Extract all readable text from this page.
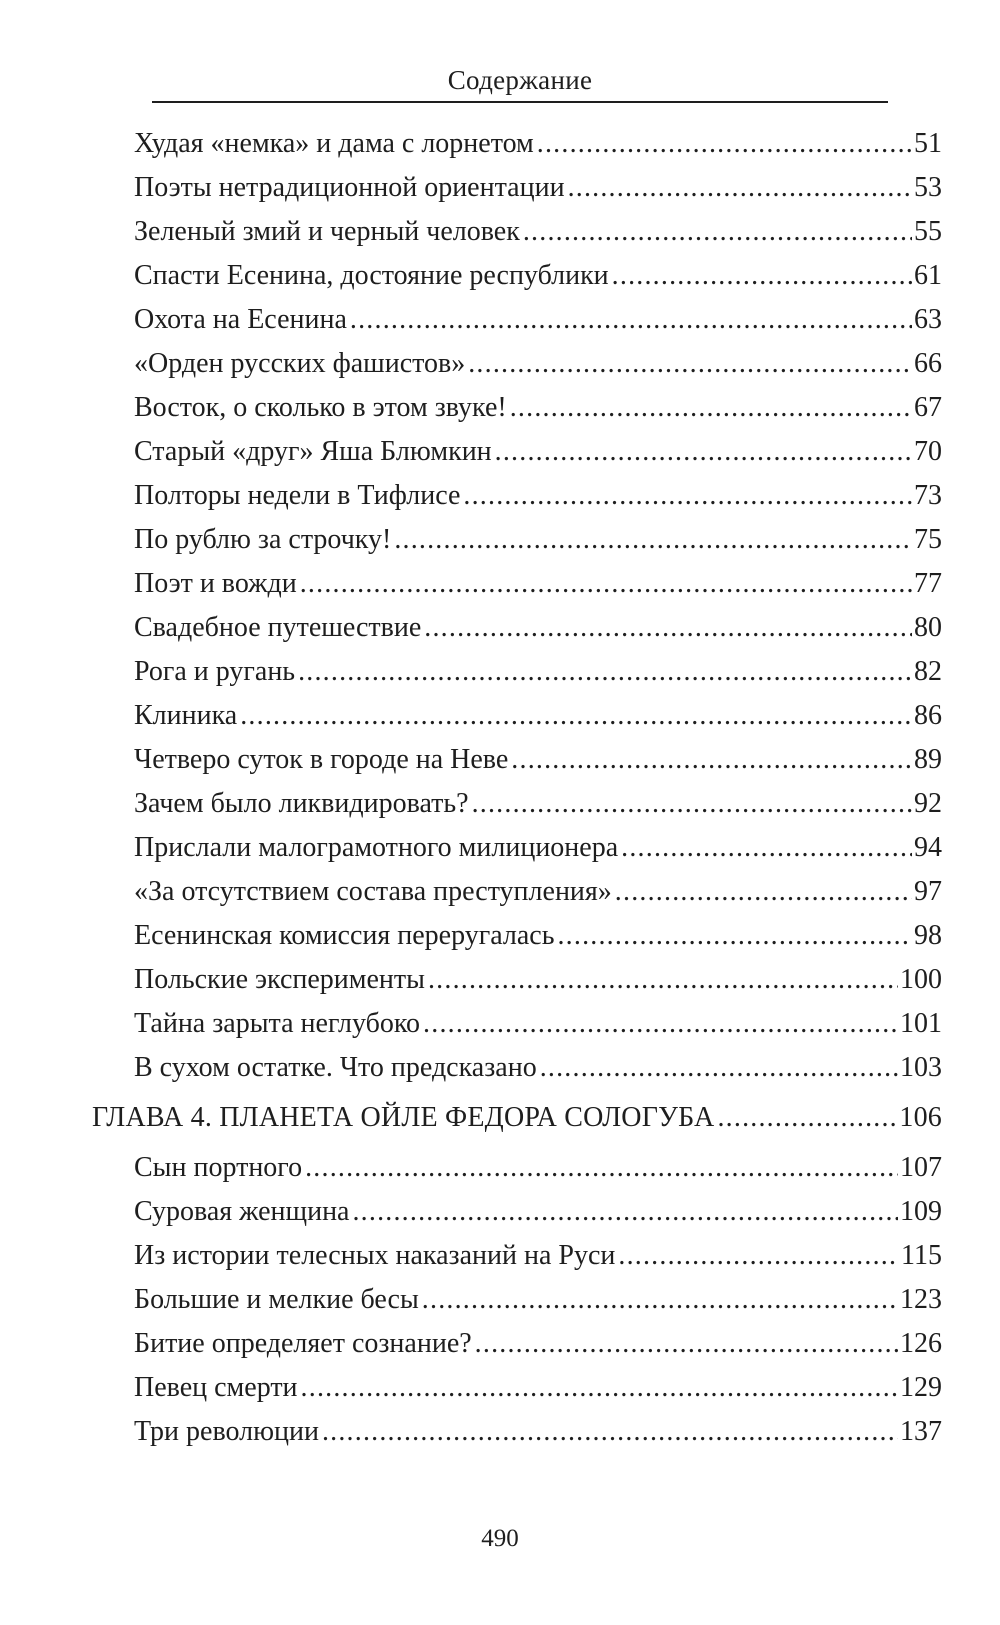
Содержание
Худая «немка» и дама с лорнетом .....	51
Поэты нетрадиционной ориентации .....	53
Зеленый змий и черный человек .....	55
Спасти Есенина, достояние республики .....	61
Охота на Есенина .....	63
«Орден русских фашистов» .....	66
Восток, о сколько в этом звуке! .....	67
Старый «друг» Яша Блюмкин .....	70
Полторы недели в Тифлисе .....	73
По рублю за строчку! .....	75
Поэт и вожди .....	77
Свадебное путешествие .....	80
Рога и ругань .....	82
Клиника .....	86
Четверо суток в городе на Неве .....	89
Зачем было ликвидировать? .....	92
Прислали малограмотного милиционера .....	94
«За отсутствием состава преступления» .....	97
Есенинская комиссия переругалась .....	98
Польские эксперименты .....	100
Тайна зарыта неглубоко .....	101
В сухом остатке. Что предсказано .....	103
ГЛАВА 4. ПЛАНЕТА ОЙЛЕ ФЕДОРА СОЛОГУБА .....	106
Сын портного .....	107
Суровая женщина .....	109
Из истории телесных наказаний на Руси .....	115
Большие и мелкие бесы .....	123
Битие определяет сознание? .....	126
Певец смерти .....	129
Три революции .....	137
490
